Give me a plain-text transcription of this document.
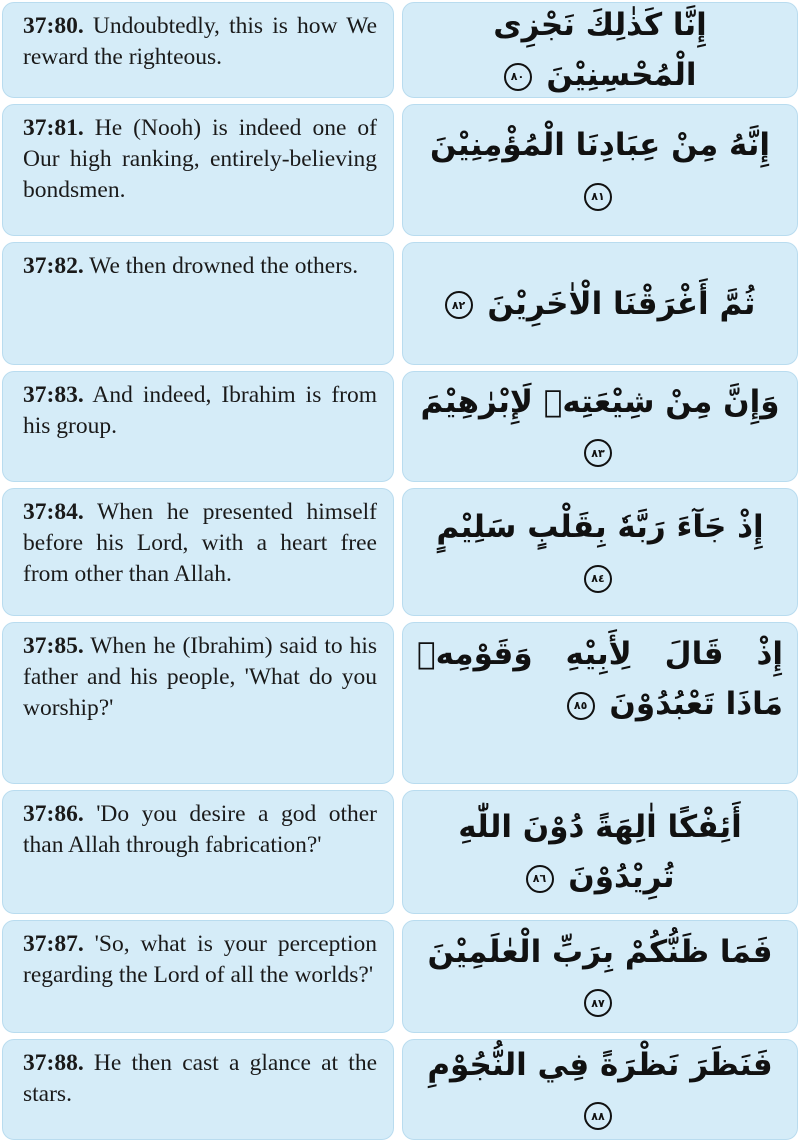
37:80. Undoubtedly, this is how We reward the righteous.
إِنَّا كَذٰلِكَ نَجْزِى الْمُحْسِنِيْنَ ٨٠
37:81. He (Nooh) is indeed one of Our high ranking, entirely-believing bondsmen.
إِنَّهُ مِنْ عِبَادِنَا الْمُؤْمِنِيْنَ ٨١
37:82. We then drowned the others.
ثُمَّ أَغْرَقْنَا الْاٰخَرِيْنَ ٨٢
37:83. And indeed, Ibrahim is from his group.
وَإِنَّ مِنْ شِيْعَتِهٖ لَإِبْرٰهِيْمَ ٨٣
37:84. When he presented himself before his Lord, with a heart free from other than Allah.
إِذْ جَآءَ رَبَّهٗ بِقَلْبٍ سَلِيْمٍ ٨٤
37:85. When he (Ibrahim) said to his father and his people, 'What do you worship?'
إِذْ قَالَ لِأَبِيْهِ وَقَوْمِهٖ مَاذَا تَعْبُدُوْنَ ٨٥
37:86. 'Do you desire a god other than Allah through fabrication?'	أَئِفْكًا اٰلِهَةً دُوْنَ اللّٰهِ تُرِيْدُوْنَ ٨٦
37:87. 'So, what is your perception regarding the Lord of all the worlds?'
فَمَا ظَنُّكُمْ بِرَبِّ الْعٰلَمِيْنَ ٨٧
37:88. He then cast a glance at the stars.
فَنَظَرَ نَظْرَةً فِي النُّجُوْمِ ٨٨
